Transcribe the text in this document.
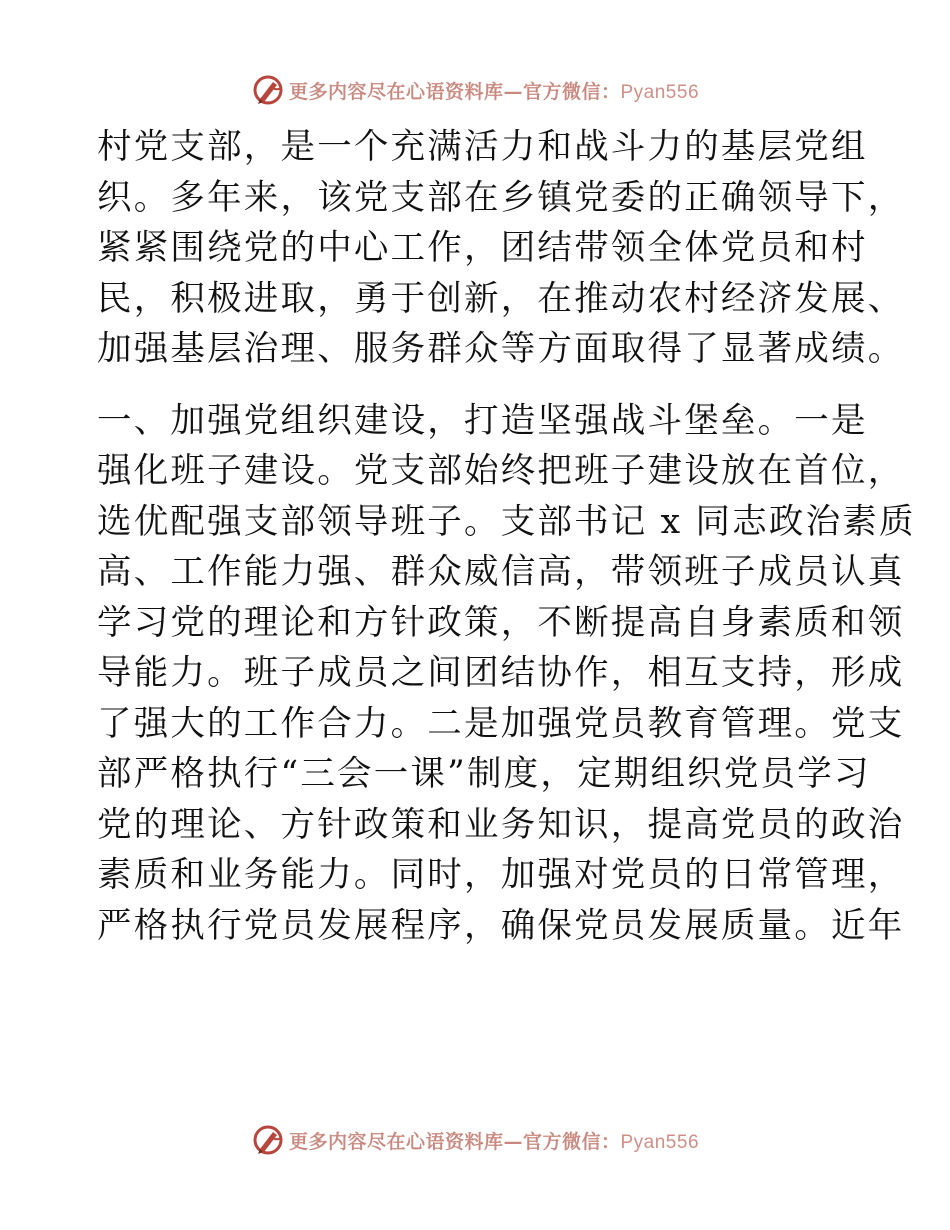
更多内容尽在心语资料库—官方微信：Pyan556

村党支部，是一个充满活力和战斗力的基层党组
织。多年来，该党支部在乡镇党委的正确领导下，
紧紧围绕党的中心工作，团结带领全体党员和村
民，积极进取，勇于创新，在推动农村经济发展、
加强基层治理、服务群众等方面取得了显著成绩。

一、加强党组织建设，打造坚强战斗堡垒。一是
强化班子建设。党支部始终把班子建设放在首位，
选优配强支部领导班子。支部书记 x 同志政治素质
高、工作能力强、群众威信高，带领班子成员认真
学习党的理论和方针政策，不断提高自身素质和领
导能力。班子成员之间团结协作，相互支持，形成
了强大的工作合力。二是加强党员教育管理。党支
部严格执行“三会一课”制度，定期组织党员学习
党的理论、方针政策和业务知识，提高党员的政治
素质和业务能力。同时，加强对党员的日常管理，
严格执行党员发展程序，确保党员发展质量。近年

更多内容尽在心语资料库—官方微信：Pyan556
